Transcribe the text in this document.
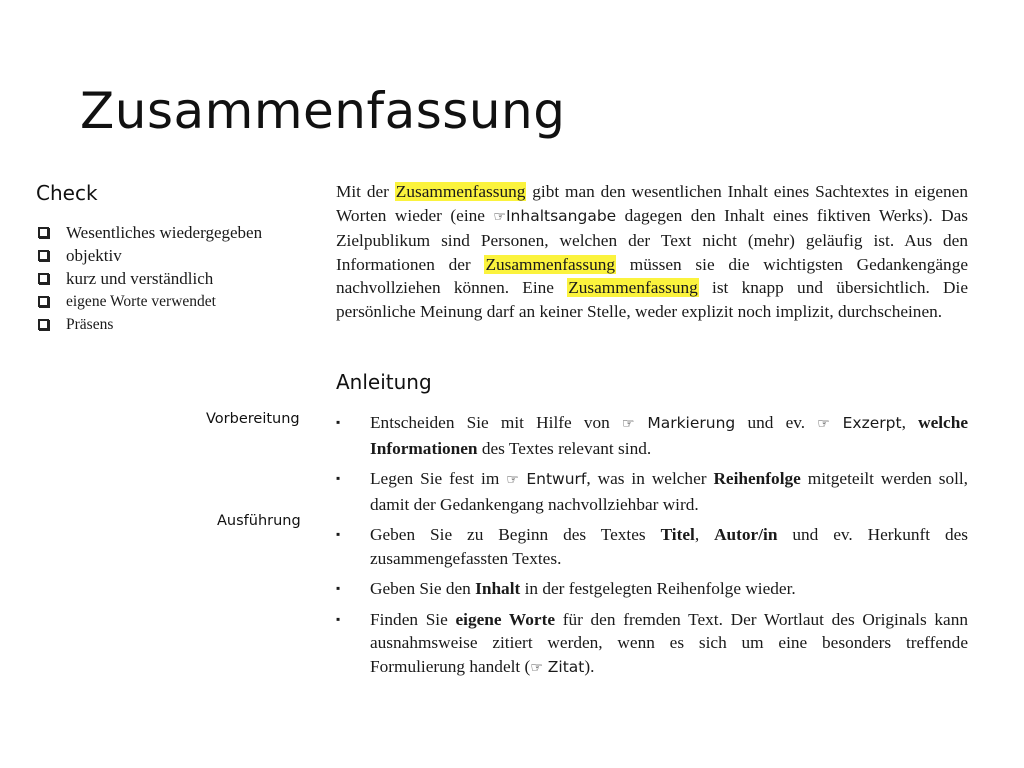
Zusammenfassung
Check
Wesentliches wiedergegeben
objektiv
kurz und verständlich
eigene Worte verwendet
Präsens

Mit der Zusammenfassung gibt man den wesentlichen Inhalt eines Sachtextes in eigenen Worten wieder (eine ☞Inhaltsangabe dagegen den Inhalt eines fiktiven Werks). Das Zielpublikum sind Personen, welchen der Text nicht (mehr) geläufig ist. Aus den Informationen der Zusammenfassung müssen sie die wichtigsten Gedankengänge nachvollziehen können. Eine Zusammenfassung ist knapp und übersichtlich. Die persönliche Meinung darf an keiner Stelle, weder explizit noch implizit, durchscheinen.

Anleitung
Vorbereitung
Ausführung
▪ Entscheiden Sie mit Hilfe von ☞ Markierung und ev. ☞ Exzerpt, welche Informationen des Textes relevant sind.
▪ Legen Sie fest im ☞ Entwurf, was in welcher Reihenfolge mitgeteilt werden soll, damit der Gedankengang nachvollziehbar wird.
▪ Geben Sie zu Beginn des Textes Titel, Autor/in und ev. Herkunft des zusammengefassten Textes.
▪ Geben Sie den Inhalt in der festgelegten Reihenfolge wieder.
▪ Finden Sie eigene Worte für den fremden Text. Der Wortlaut des Originals kann ausnahmsweise zitiert werden, wenn es sich um eine besonders treffende Formulierung handelt (☞ Zitat).
